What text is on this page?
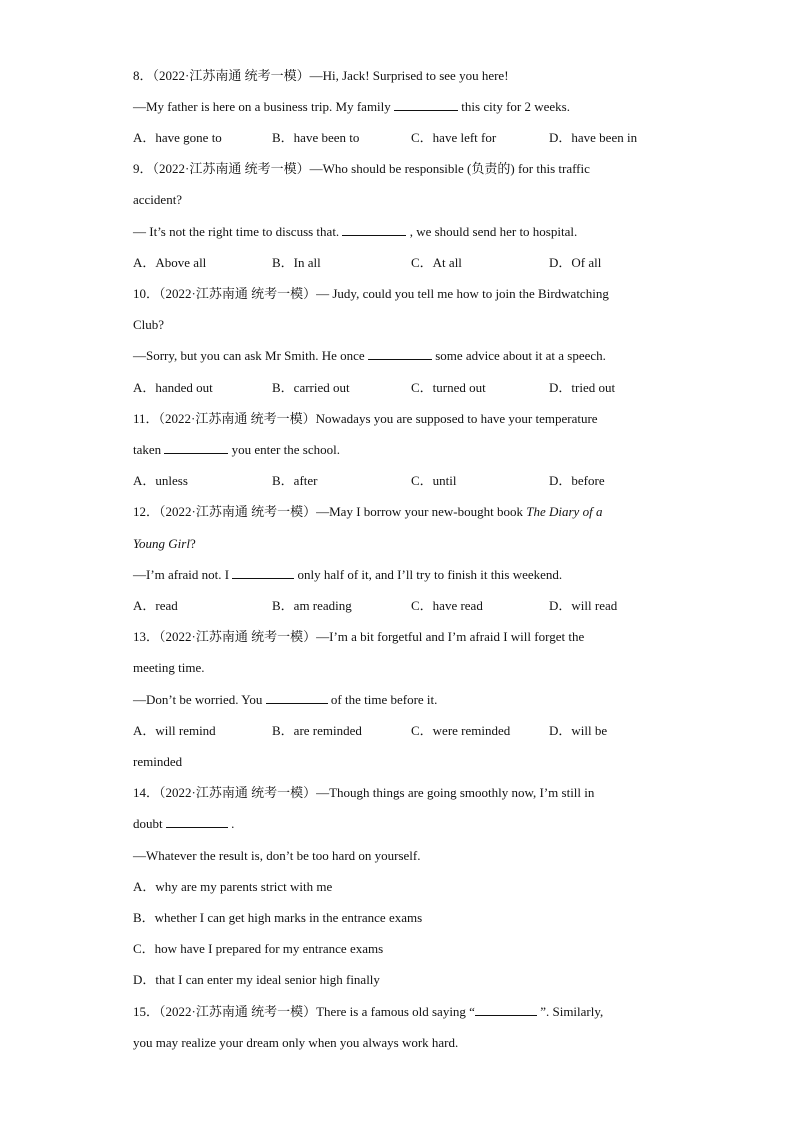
8．（2022·江苏南通 统考一模）—Hi, Jack! Surprised to see you here!
—My father is here on a business trip. My family	this city for 2 weeks.
A．have gone to	B．have been to	C．have left for	D．have been in
9．（2022·江苏南通 统考一模）—Who should be responsible (负责的) for this traffic
accident?
— It’s not the right time to discuss that.	, we should send her to hospital.
A．Above all	B．In all	C．At all	D．Of all
10．（2022·江苏南通 统考一模）— Judy, could you tell me how to join the Birdwatching
Club?
—Sorry, but you can ask Mr Smith. He once	some advice about it at a speech.
A．handed out	B．carried out	C．turned out	D．tried out
11．（2022·江苏南通 统考一模）Nowadays you are supposed to have your temperature
taken	you enter the school.
A．unless	B．after	C．until	D．before
12．（2022·江苏南通 统考一模）—May I borrow your new-bought book The Diary of a
Young Girl?
—I’m afraid not. I	only half of it, and I’ll try to finish it this weekend.
A．read	B．am reading	C．have read	D．will read
13．（2022·江苏南通 统考一模）—I’m a bit forgetful and I’m afraid I will forget the
meeting time.
—Don’t be worried. You	of the time before it.
A．will remind	B．are reminded	C．were reminded	D．will be
reminded
14．（2022·江苏南通 统考一模）—Though things are going smoothly now, I’m still in
doubt	.
—Whatever the result is, don’t be too hard on yourself.
A．why are my parents strict with me
B．whether I can get high marks in the entrance exams
C．how have I prepared for my entrance exams
D．that I can enter my ideal senior high finally
15．（2022·江苏南通 统考一模）There is a famous old saying “	”. Similarly,
you may realize your dream only when you always work hard.
